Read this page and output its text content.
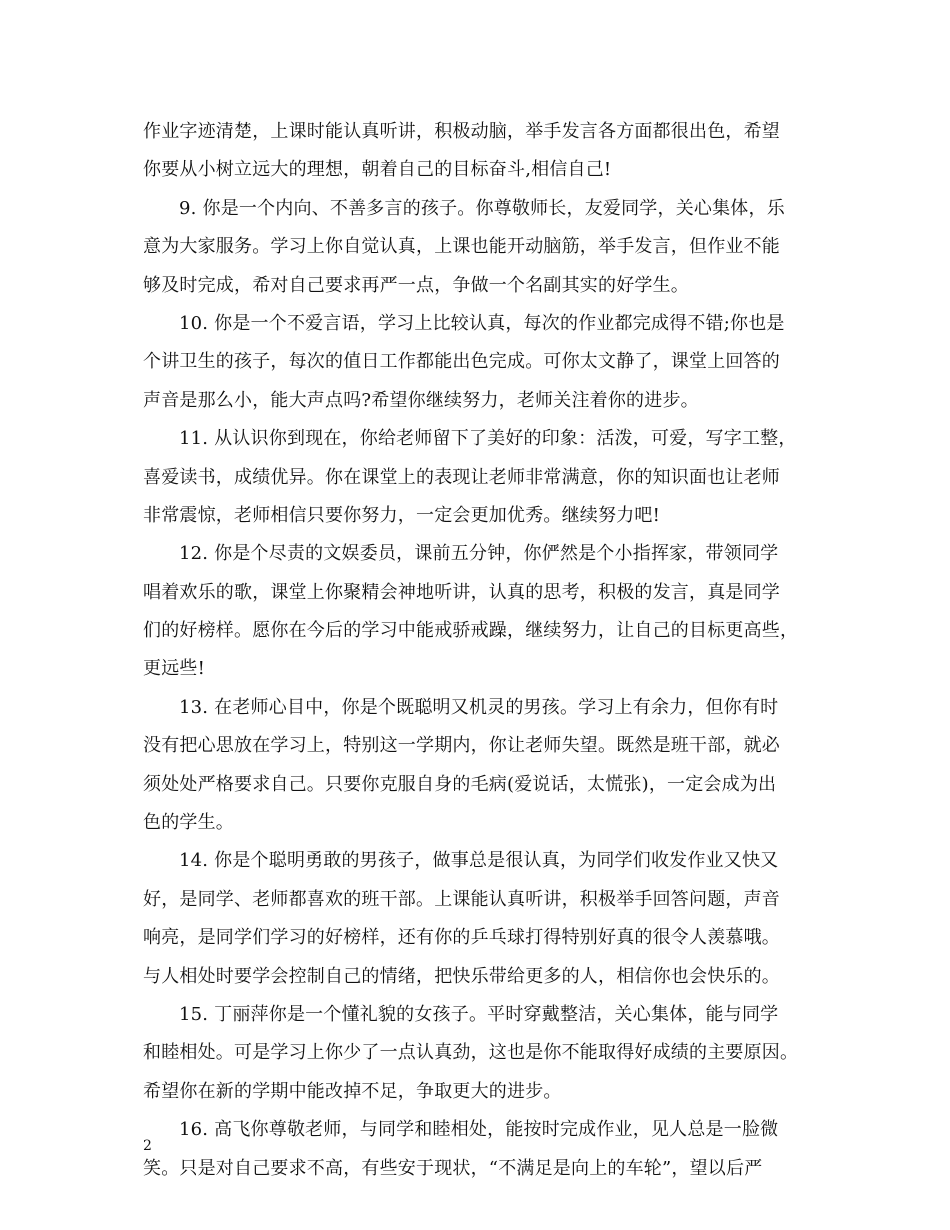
作业字迹清楚，上课时能认真听讲，积极动脑，举手发言各方面都很出色，希望
你要从小树立远大的理想，朝着自己的目标奋斗,相信自己!
9. 你是一个内向、不善多言的孩子。你尊敬师长，友爱同学，关心集体，乐
意为大家服务。学习上你自觉认真，上课也能开动脑筋，举手发言，但作业不能
够及时完成，希对自己要求再严一点，争做一个名副其实的好学生。
10. 你是一个不爱言语，学习上比较认真，每次的作业都完成得不错;你也是
个讲卫生的孩子，每次的值日工作都能出色完成。可你太文静了，课堂上回答的
声音是那么小，能大声点吗?希望你继续努力，老师关注着你的进步。
11. 从认识你到现在，你给老师留下了美好的印象：活泼，可爱，写字工整，
喜爱读书，成绩优异。你在课堂上的表现让老师非常满意，你的知识面也让老师
非常震惊，老师相信只要你努力，一定会更加优秀。继续努力吧!
12. 你是个尽责的文娱委员，课前五分钟，你俨然是个小指挥家，带领同学
唱着欢乐的歌，课堂上你聚精会神地听讲，认真的思考，积极的发言，真是同学
们的好榜样。愿你在今后的学习中能戒骄戒躁，继续努力，让自己的目标更高些，
更远些!
13. 在老师心目中，你是个既聪明又机灵的男孩。学习上有余力，但你有时
没有把心思放在学习上，特别这一学期内，你让老师失望。既然是班干部，就必
须处处严格要求自己。只要你克服自身的毛病(爱说话，太慌张)，一定会成为出
色的学生。
14. 你是个聪明勇敢的男孩子，做事总是很认真，为同学们收发作业又快又
好，是同学、老师都喜欢的班干部。上课能认真听讲，积极举手回答问题，声音
响亮，是同学们学习的好榜样，还有你的乒乓球打得特别好真的很令人羡慕哦。
与人相处时要学会控制自己的情绪，把快乐带给更多的人，相信你也会快乐的。
15. 丁丽萍你是一个懂礼貌的女孩子。平时穿戴整洁，关心集体，能与同学
和睦相处。可是学习上你少了一点认真劲，这也是你不能取得好成绩的主要原因。
希望你在新的学期中能改掉不足，争取更大的进步。
16. 高飞你尊敬老师，与同学和睦相处，能按时完成作业，见人总是一脸微
笑。只是对自己要求不高，有些安于现状，“不满足是向上的车轮”，望以后严
2
